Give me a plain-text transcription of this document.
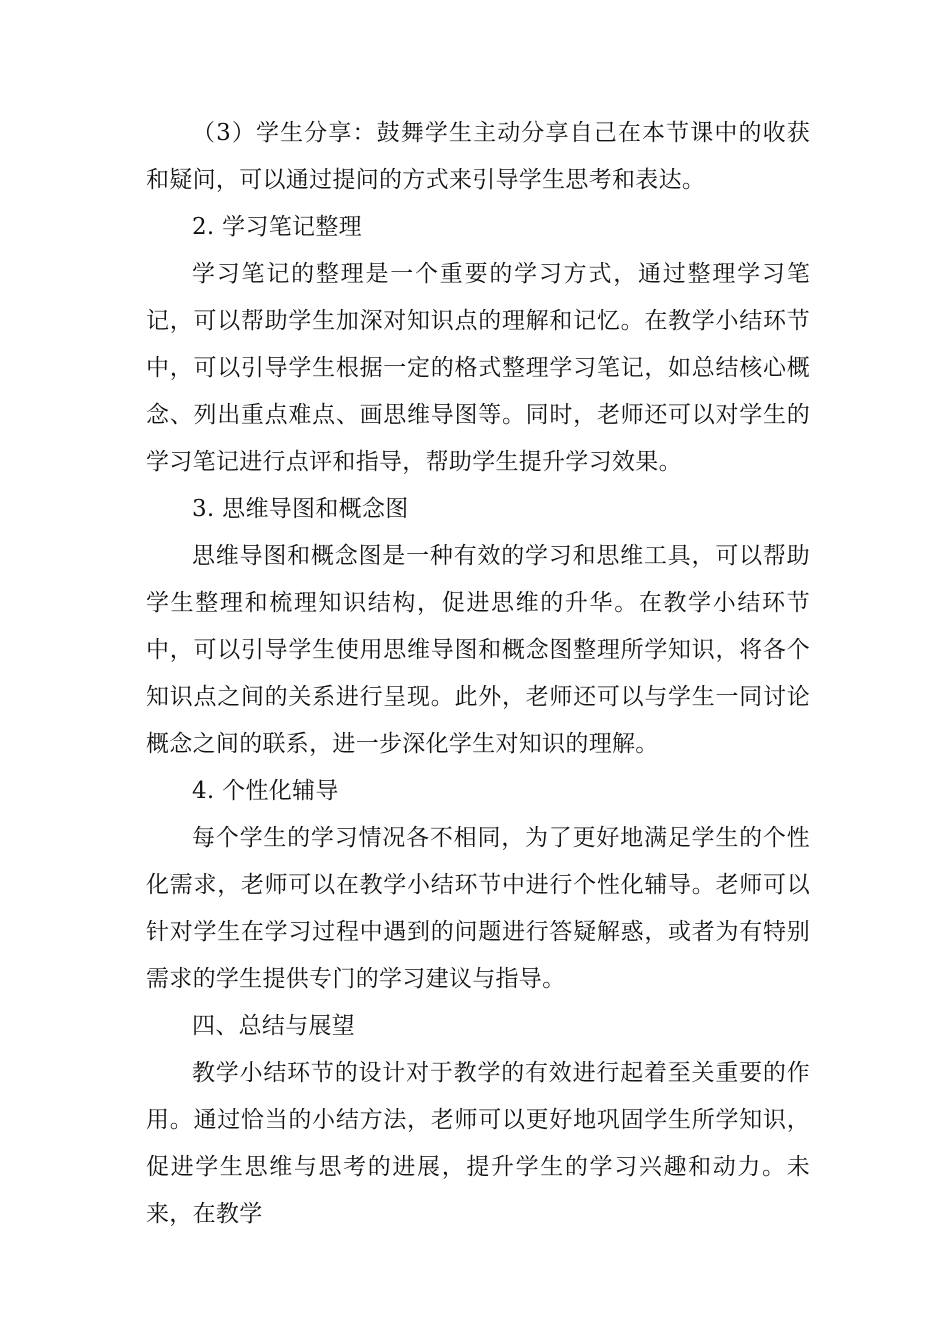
（3）学生分享：鼓舞学生主动分享自己在本节课中的收获和疑问，可以通过提问的方式来引导学生思考和表达。

2. 学习笔记整理

学习笔记的整理是一个重要的学习方式，通过整理学习笔记，可以帮助学生加深对知识点的理解和记忆。在教学小结环节中，可以引导学生根据一定的格式整理学习笔记，如总结核心概念、列出重点难点、画思维导图等。同时，老师还可以对学生的学习笔记进行点评和指导，帮助学生提升学习效果。

3. 思维导图和概念图

思维导图和概念图是一种有效的学习和思维工具，可以帮助学生整理和梳理知识结构，促进思维的升华。在教学小结环节中，可以引导学生使用思维导图和概念图整理所学知识，将各个知识点之间的关系进行呈现。此外，老师还可以与学生一同讨论概念之间的联系，进一步深化学生对知识的理解。

4. 个性化辅导

每个学生的学习情况各不相同，为了更好地满足学生的个性化需求，老师可以在教学小结环节中进行个性化辅导。老师可以针对学生在学习过程中遇到的问题进行答疑解惑，或者为有特别需求的学生提供专门的学习建议与指导。

四、总结与展望

教学小结环节的设计对于教学的有效进行起着至关重要的作用。通过恰当的小结方法，老师可以更好地巩固学生所学知识，促进学生思维与思考的进展，提升学生的学习兴趣和动力。未来，在教学
